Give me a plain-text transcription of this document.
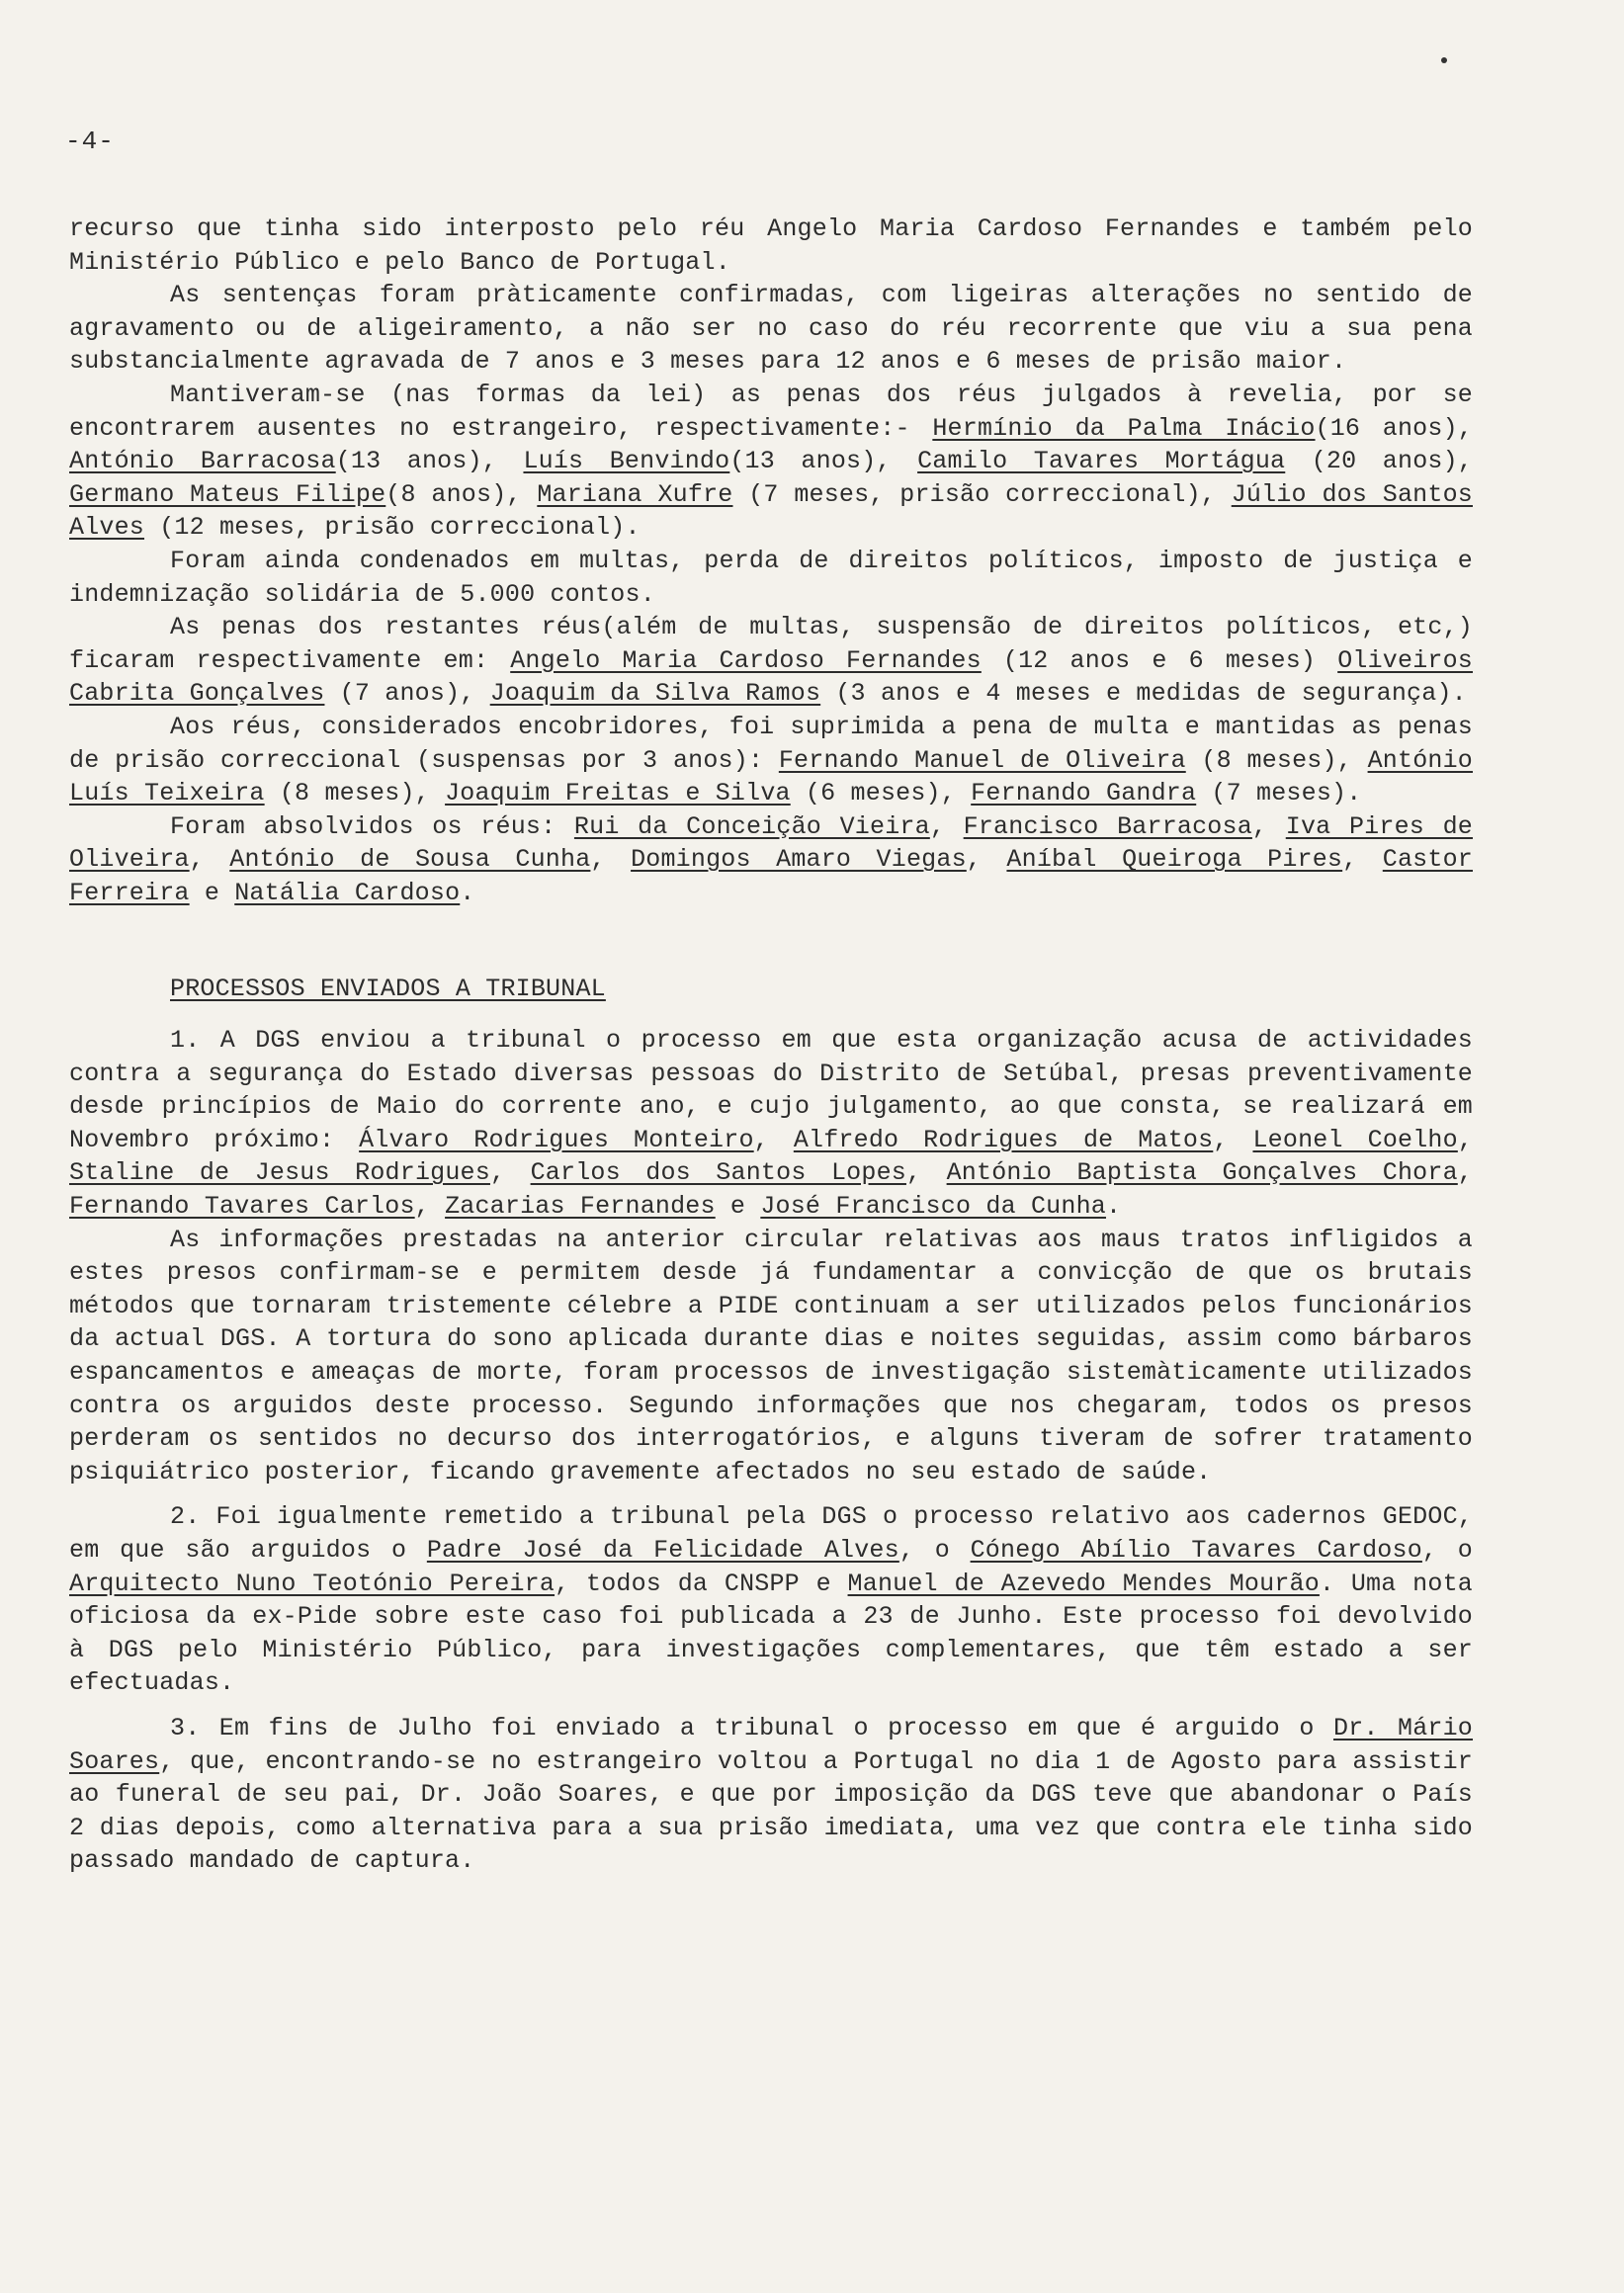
-4-

recurso que tinha sido interposto pelo réu Angelo Maria Cardoso Fernandes e também pelo Ministério Público e pelo Banco de Portugal.

As sentenças foram pràticamente confirmadas, com ligeiras alterações no sentido de agravamento ou de aligeiramento, a não ser no caso do réu recorrente que viu a sua pena substancialmente agravada de 7 anos e 3 meses para 12 anos e 6 meses de prisão maior.

Mantiveram-se (nas formas da lei) as penas dos réus julgados à revelia, por se encontrarem ausentes no estrangeiro, respectivamente:- Hermínio da Palma Inácio(16 anos), António Barracosa(13 anos), Luís Benvindo(13 anos), Camilo Tavares Mortágua (20 anos), Germano Mateus Filipe(8 anos), Mariana Xufre (7 meses, prisão correccional), Júlio dos Santos Alves (12 meses, prisão correccional).

Foram ainda condenados em multas, perda de direitos políticos, imposto de justiça e indemnização solidária de 5.000 contos.

As penas dos restantes réus(além de multas, suspensão de direitos políticos, etc,) ficaram respectivamente em: Angelo Maria Cardoso Fernandes (12 anos e 6 meses) Oliveiros Cabrita Gonçalves (7 anos), Joaquim da Silva Ramos (3 anos e 4 meses e medidas de segurança).

Aos réus, considerados encobridores, foi suprimida a pena de multa e mantidas as penas de prisão correccional (suspensas por 3 anos): Fernando Manuel de Oliveira (8 meses), António Luís Teixeira (8 meses), Joaquim Freitas e Silva (6 meses), Fernando Gandra (7 meses).

Foram absolvidos os réus: Rui da Conceição Vieira, Francisco Barracosa, Iva Pires de Oliveira, António de Sousa Cunha, Domingos Amaro Viegas, Aníbal Queiroga Pires, Castor Ferreira e Natália Cardoso.

PROCESSOS ENVIADOS A TRIBUNAL

1. A DGS enviou a tribunal o processo em que esta organização acusa de actividades contra a segurança do Estado diversas pessoas do Distrito de Setúbal, presas preventivamente desde princípios de Maio do corrente ano, e cujo julgamento, ao que consta, se realizará em Novembro próximo: Álvaro Rodrigues Monteiro, Alfredo Rodrigues de Matos, Leonel Coelho, Staline de Jesus Rodrigues, Carlos dos Santos Lopes, António Baptista Gonçalves Chora, Fernando Tavares Carlos, Zacarias Fernandes e José Francisco da Cunha.

As informações prestadas na anterior circular relativas aos maus tratos infligidos a estes presos confirmam-se e permitem desde já fundamentar a convicção de que os brutais métodos que tornaram tristemente célebre a PIDE continuam a ser utilizados pelos funcionários da actual DGS. A tortura do sono aplicada durante dias e noites seguidas, assim como bárbaros espancamentos e ameaças de morte, foram processos de investigação sistemàticamente utilizados contra os arguidos deste processo. Segundo informações que nos chegaram, todos os presos perderam os sentidos no decurso dos interrogatórios, e alguns tiveram de sofrer tratamento psiquiátrico posterior, ficando gravemente afectados no seu estado de saúde.

2. Foi igualmente remetido a tribunal pela DGS o processo relativo aos cadernos GEDOC, em que são arguidos o Padre José da Felicidade Alves, o Cónego Abílio Tavares Cardoso, o Arquitecto Nuno Teotónio Pereira, todos da CNSPP e Manuel de Azevedo Mendes Mourão. Uma nota oficiosa da ex-Pide sobre este caso foi publicada a 23 de Junho. Este processo foi devolvido à DGS pelo Ministério Público, para investigações complementares, que têm estado a ser efectuadas.

3. Em fins de Julho foi enviado a tribunal o processo em que é arguido o Dr. Mário Soares, que, encontrando-se no estrangeiro voltou a Portugal no dia 1 de Agosto para assistir ao funeral de seu pai, Dr. João Soares, e que por imposição da DGS teve que abandonar o País 2 dias depois, como alternativa para a sua prisão imediata, uma vez que contra ele tinha sido passado mandado de captura.
